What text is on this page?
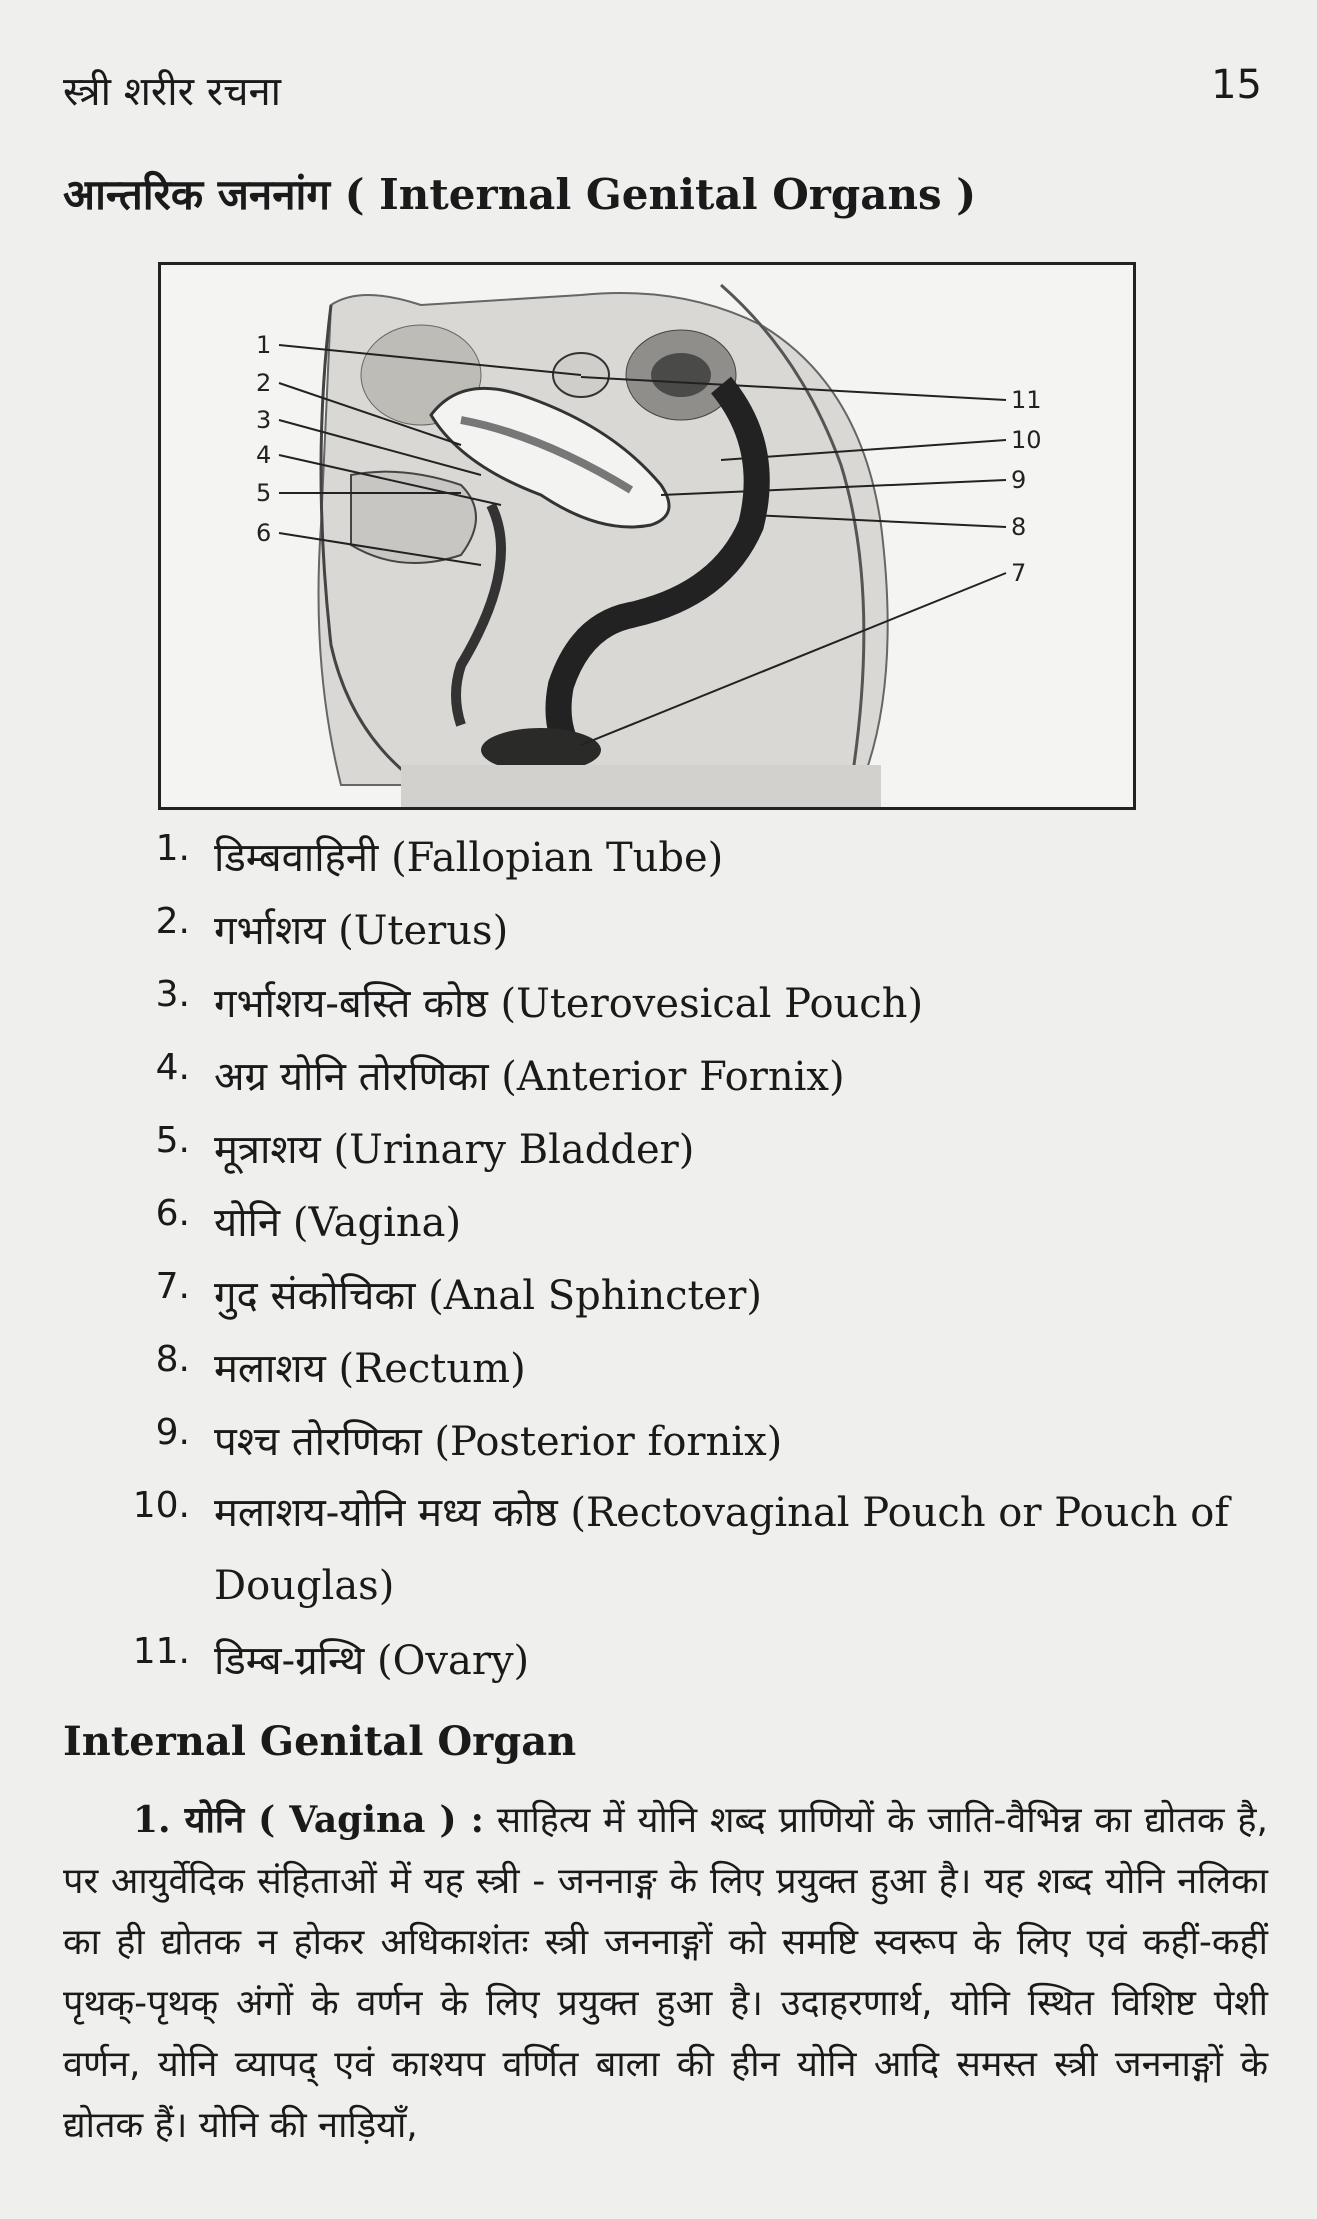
स्त्री शरीर रचना	15
आन्तरिक जननांग ( Internal Genital Organs )
1
2
3
4
5
6
7
8
9
10
11
1. डिम्बवाहिनी (Fallopian Tube)
2. गर्भाशय (Uterus)
3. गर्भाशय-बस्ति कोष्ठ (Uterovesical Pouch)
4. अग्र योनि तोरणिका (Anterior Fornix)
5. मूत्राशय (Urinary Bladder)
6. योनि (Vagina)
7. गुद संकोचिका (Anal Sphincter)
8. मलाशय (Rectum)
9. पश्च तोरणिका (Posterior fornix)
10. मलाशय-योनि मध्य कोष्ठ (Rectovaginal Pouch or Pouch of Douglas)
11. डिम्ब-ग्रन्थि (Ovary)
Internal Genital Organ
1. योनि ( Vagina ) : साहित्य में योनि शब्द प्राणियों के जाति-वैभिन्न का द्योतक है, पर आयुर्वेदिक संहिताओं में यह स्त्री - जननाङ्ग के लिए प्रयुक्त हुआ है। यह शब्द योनि नलिका का ही द्योतक न होकर अधिकाशंतः स्त्री जननाङ्गों को समष्टि स्वरूप के लिए एवं कहीं-कहीं पृथक्-पृथक् अंगों के वर्णन के लिए प्रयुक्त हुआ है। उदाहरणार्थ, योनि स्थित विशिष्ट पेशी वर्णन, योनि व्यापद् एवं काश्यप वर्णित बाला की हीन योनि आदि समस्त स्त्री जननाङ्गों के द्योतक हैं। योनि की नाड़ियाँ,
